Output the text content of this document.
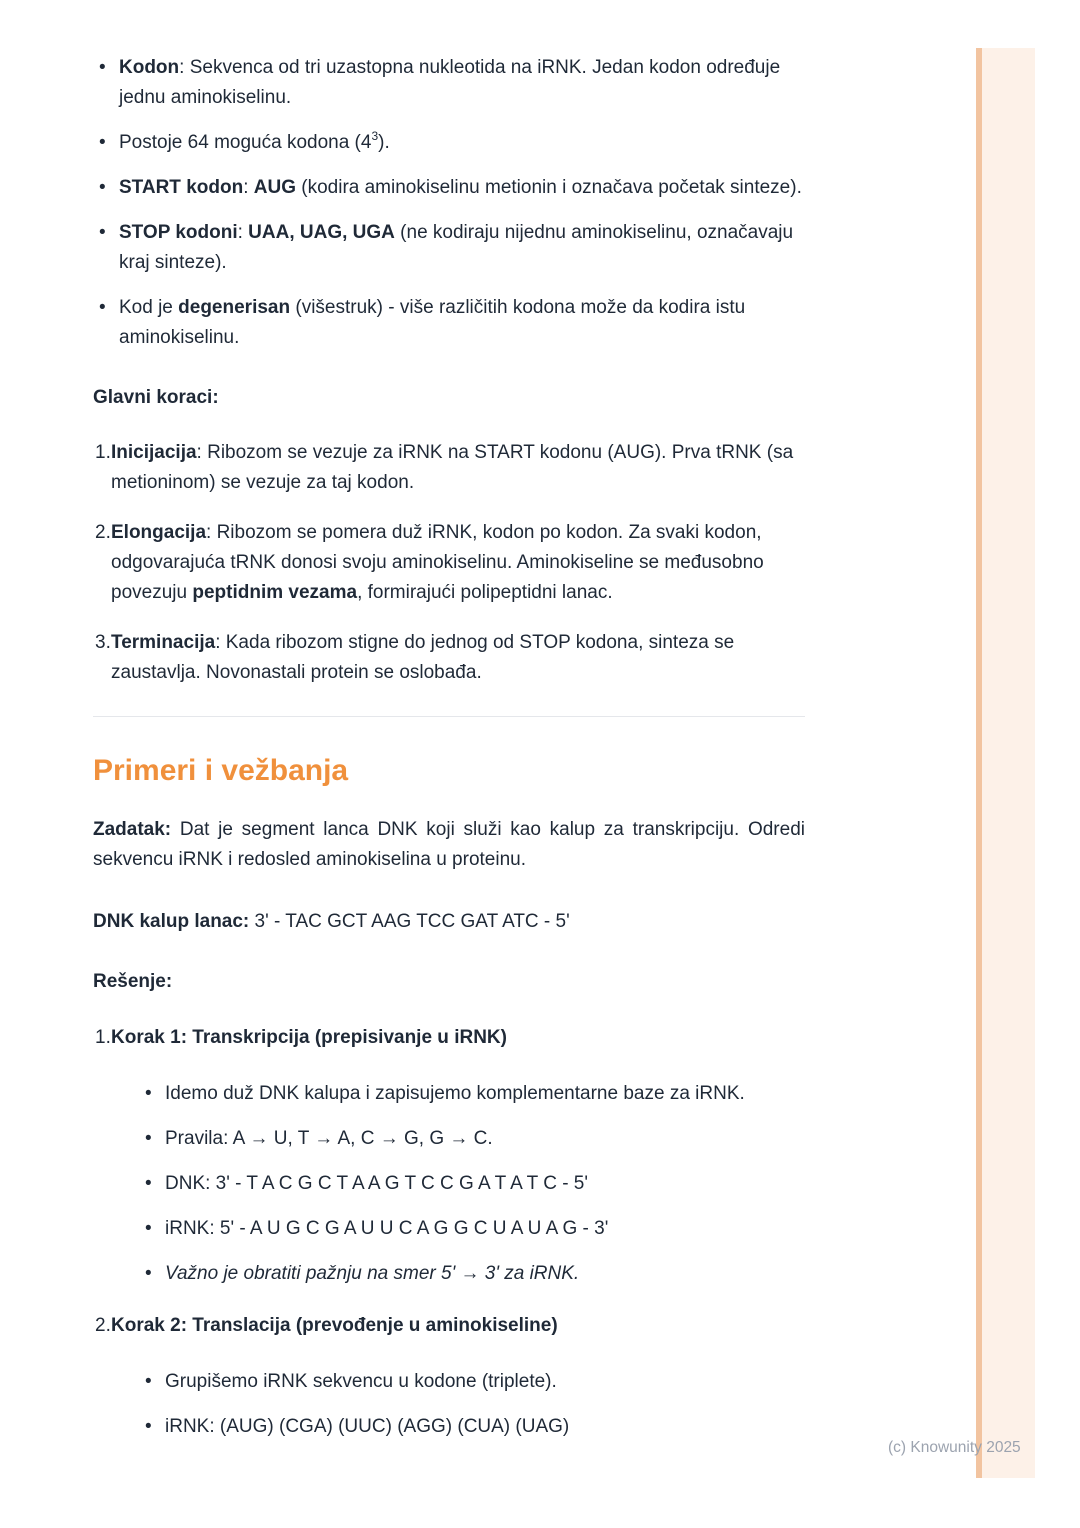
• Kodon: Sekvenca od tri uzastopna nukleotida na iRNK. Jedan kodon određuje jednu aminokiselinu.
• Postoje 64 moguća kodona $(4^3)$.
• START kodon: AUG (kodira aminokiselinu metionin i označava početak sinteze).
• STOP kodoni: UAA, UAG, UGA (ne kodiraju nijednu aminokiselinu, označavaju kraj sinteze).
• Kod je degenerisan (višestruk) - više različitih kodona može da kodira istu aminokiselinu.
Glavni koraci:
1. Inicijacija: Ribozom se vezuje za iRNK na START kodonu (AUG). Prva tRNK (sa metioninom) se vezuje za taj kodon.
2. Elongacija: Ribozom se pomera duž iRNK, kodon po kodon. Za svaki kodon, odgovarajuća tRNK donosi svoju aminokiselinu. Aminokiseline se međusobno povezuju peptidnim vezama, formirajući polipeptidni lanac.
3. Terminacija: Kada ribozom stigne do jednog od STOP kodona, sinteza se zaustavlja. Novonastali protein se oslobađa.
Primeri i vežbanja
Zadatak: Dat je segment lanca DNK koji služi kao kalup za transkripciju. Odredi sekvencu iRNK i redosled aminokiselina u proteinu.
DNK kalup lanac: 3' - TAC GCT AAG TCC GAT ATC - 5'
Rešenje:
1. Korak 1: Transkripcija (prepisivanje u iRNK)
• Idemo duž DNK kalupa i zapisujemo komplementarne baze za iRNK.
• Pravila: A → U, T → A, C → G, G → C.
• DNK: 3' - T A C G C T A A G T C C G A T A T C - 5'
• iRNK: 5' - A U G C G A U U C A G G C U A U A G - 3'
• Važno je obratiti pažnju na smer 5' → 3' za iRNK.
2. Korak 2: Translacija (prevođenje u aminokiseline)
• Grupišemo iRNK sekvencu u kodone (triplete).
• iRNK: (AUG) (CGA) (UUC) (AGG) (CUA) (UAG)
(c) Knowunity 2025
